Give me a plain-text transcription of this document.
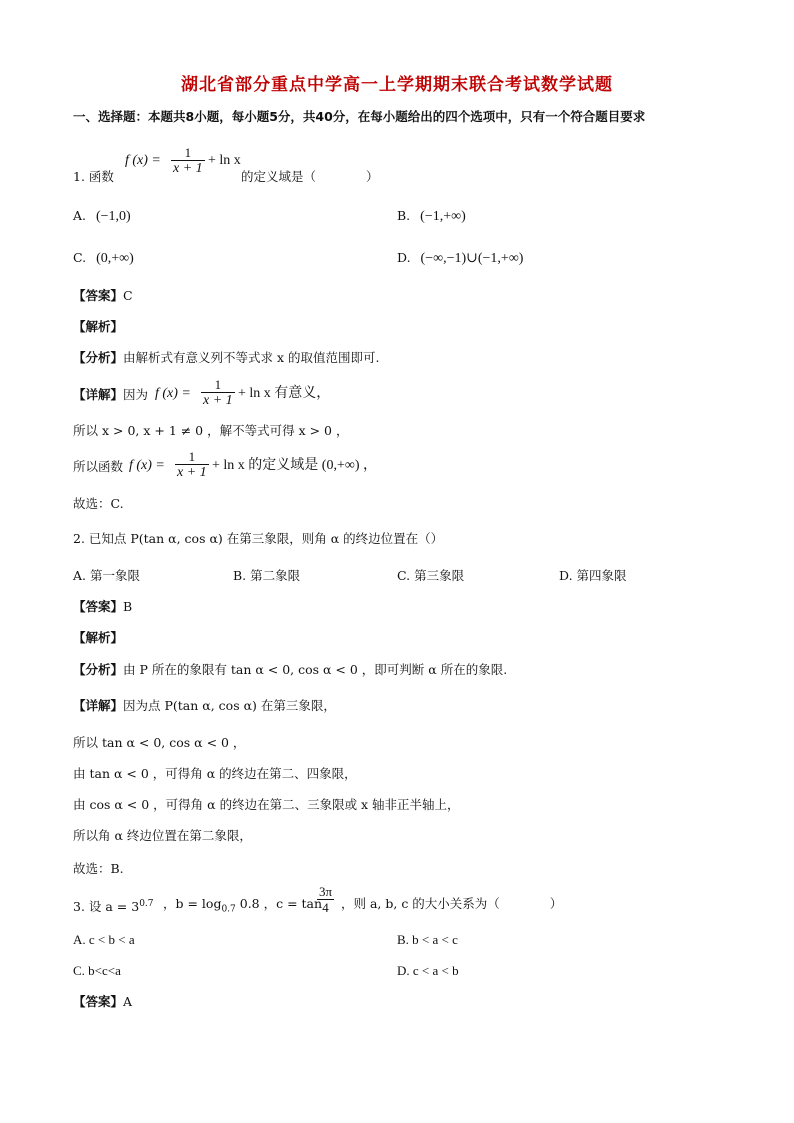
湖北省部分重点中学高一上学期期末联合考试数学试题
一、选择题：本题共8小题，每小题5分，共40分，在每小题给出的四个选项中，只有一个符合题目要求
1. 函数
f $(x) = \frac{1}{x + 1} + \ln x$
的定义域是（　　　　）
A. (−1,0)	B. (−1,+∞)
C. (0,+∞)	D. (−∞,−1)∪(−1,+∞)
【答案】C
【解析】
【分析】由解析式有意义列不等式求 x 的取值范围即可.
【详解】 因为 f $(x) = \frac{1}{x + 1} + \ln x$ 有意义，
所以 x > 0, x + 1 ≠ 0 ，解不等式可得 x > 0 ，
所以函数 f $(x) = \frac{1}{x + 1} + \ln x$ 的定义域是 (0,+∞) ，
故选：C.
2. 已知点 P(tan α, cos α) 在第三象限，则角 α 的终边位置在（）
A. 第一象限	B. 第二象限	C. 第三象限	D. 第四象限
【答案】B
【解析】
【分析】由 P 所在的象限有 tan α < 0, cos α < 0 ，即可判断 α 所在的象限.
【详解】因为点 P(tan α, cos α) 在第三象限，
所以 tan α < 0, cos α < 0 ，
由 tan α < 0 ，可得角 α 的终边在第二、四象限，
由 cos α < 0 ，可得角 α 的终边在第二、三象限或 x 轴非正半轴上，
所以角 α 终边位置在第二象限，
故选：B.
3. 设 $a = 3^{0.7}$ ，$b = \log_{0.7} 0.8$ ，c = tan
$\frac{3\pi}{4}$ ，则 a, b, c 的大小关系为（　　　　）
A. c < b < a	B. b < a < c
C. b<c<a	D. c < a < b
【答案】A
